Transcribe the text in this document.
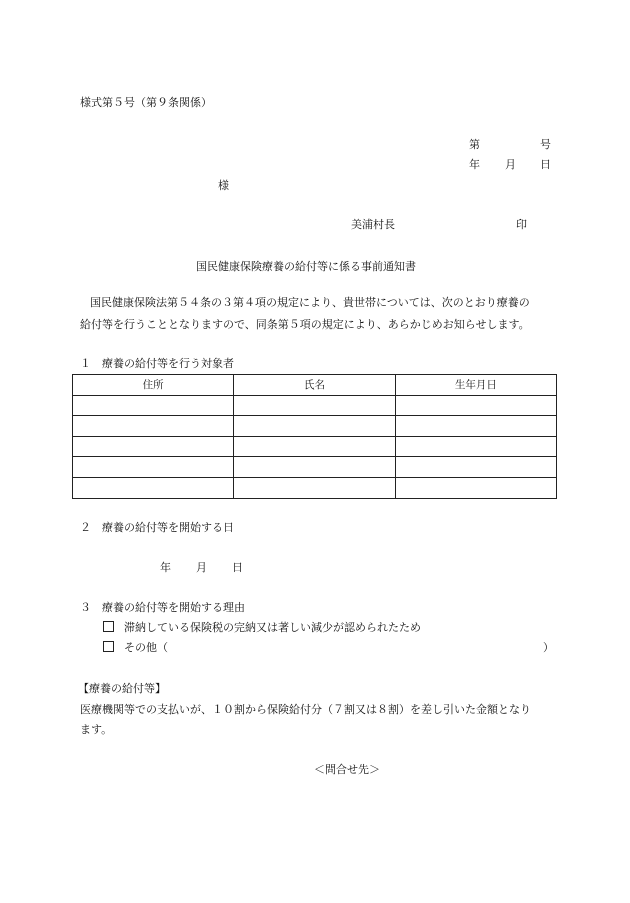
様式第５号（第９条関係）
第	号
年 月 日
様
美浦村長	印
国民健康保険療養の給付等に係る事前通知書
国民健康保険法第５４条の３第４項の規定により、貴世帯については、次のとおり療養の
給付等を行うこととなりますので、同条第５項の規定により、あらかじめお知らせします。
１　療養の給付等を行う対象者
住所	氏名	生年月日

２　療養の給付等を開始する日
年 月 日
３　療養の給付等を開始する理由
滞納している保険税の完納又は著しい減少が認められたため
その他（	）
【療養の給付等】
医療機関等での支払いが、１０割から保険給付分（７割又は８割）を差し引いた金額となり
ます。
＜問合せ先＞
